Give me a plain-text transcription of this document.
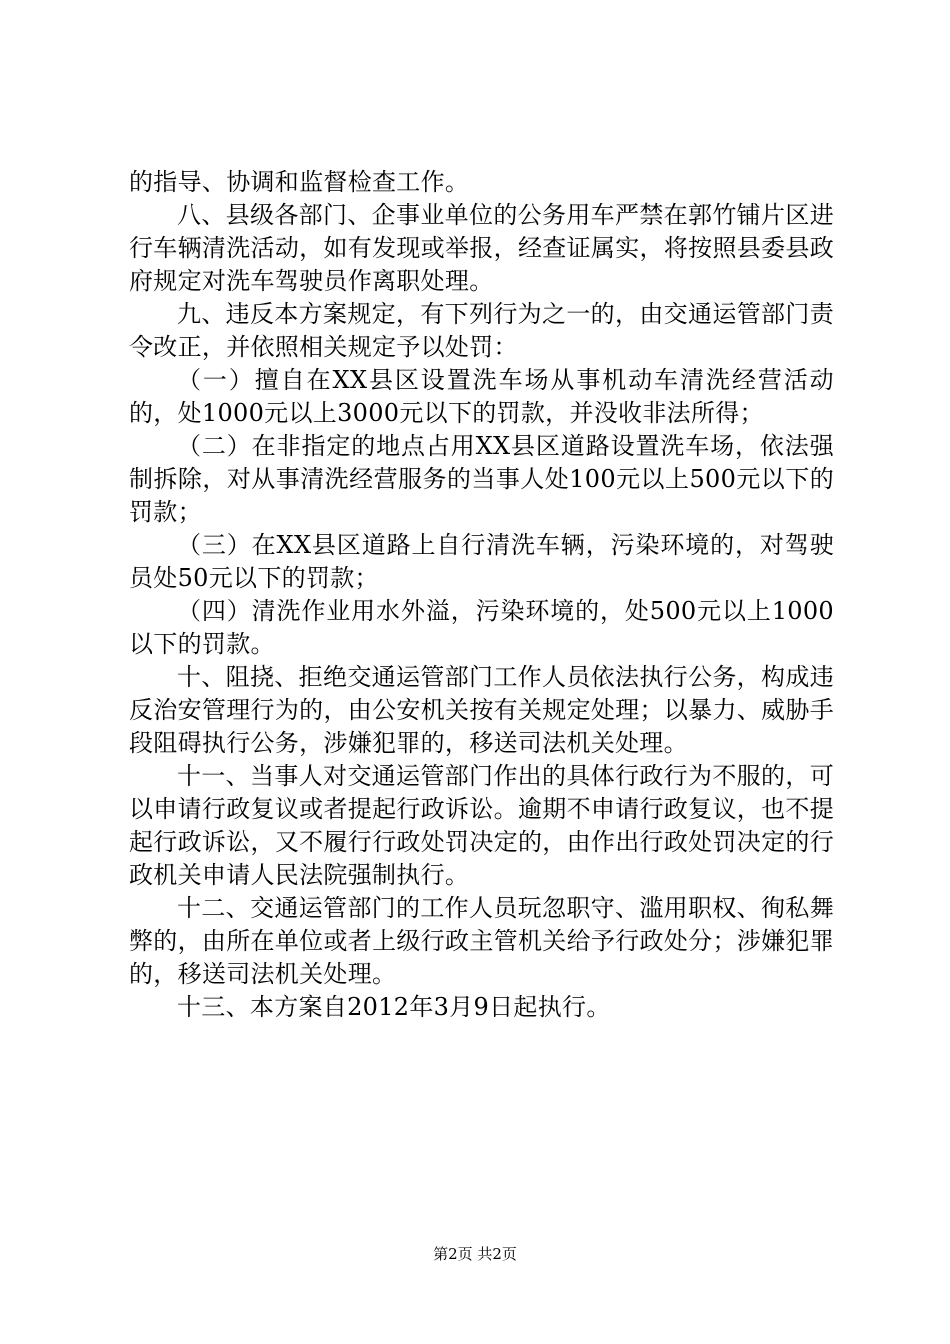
的指导、协调和监督检查工作。

八、县级各部门、企事业单位的公务用车严禁在郭竹铺片区进行车辆清洗活动，如有发现或举报，经查证属实，将按照县委县政府规定对洗车驾驶员作离职处理。

九、违反本方案规定，有下列行为之一的，由交通运管部门责令改正，并依照相关规定予以处罚：

（一）擅自在XX县区设置洗车场从事机动车清洗经营活动的，处1000元以上3000元以下的罚款，并没收非法所得；

（二）在非指定的地点占用XX县区道路设置洗车场，依法强制拆除，对从事清洗经营服务的当事人处100元以上500元以下的罚款；

（三）在XX县区道路上自行清洗车辆，污染环境的，对驾驶员处50元以下的罚款；

（四）清洗作业用水外溢，污染环境的，处500元以上1000以下的罚款。

十、阻挠、拒绝交通运管部门工作人员依法执行公务，构成违反治安管理行为的，由公安机关按有关规定处理；以暴力、威胁手段阻碍执行公务，涉嫌犯罪的，移送司法机关处理。

十一、当事人对交通运管部门作出的具体行政行为不服的，可以申请行政复议或者提起行政诉讼。逾期不申请行政复议，也不提起行政诉讼，又不履行行政处罚决定的，由作出行政处罚决定的行政机关申请人民法院强制执行。

十二、交通运管部门的工作人员玩忽职守、滥用职权、徇私舞弊的，由所在单位或者上级行政主管机关给予行政处分；涉嫌犯罪的，移送司法机关处理。

十三、本方案自2012年3月9日起执行。

第2页 共2页
